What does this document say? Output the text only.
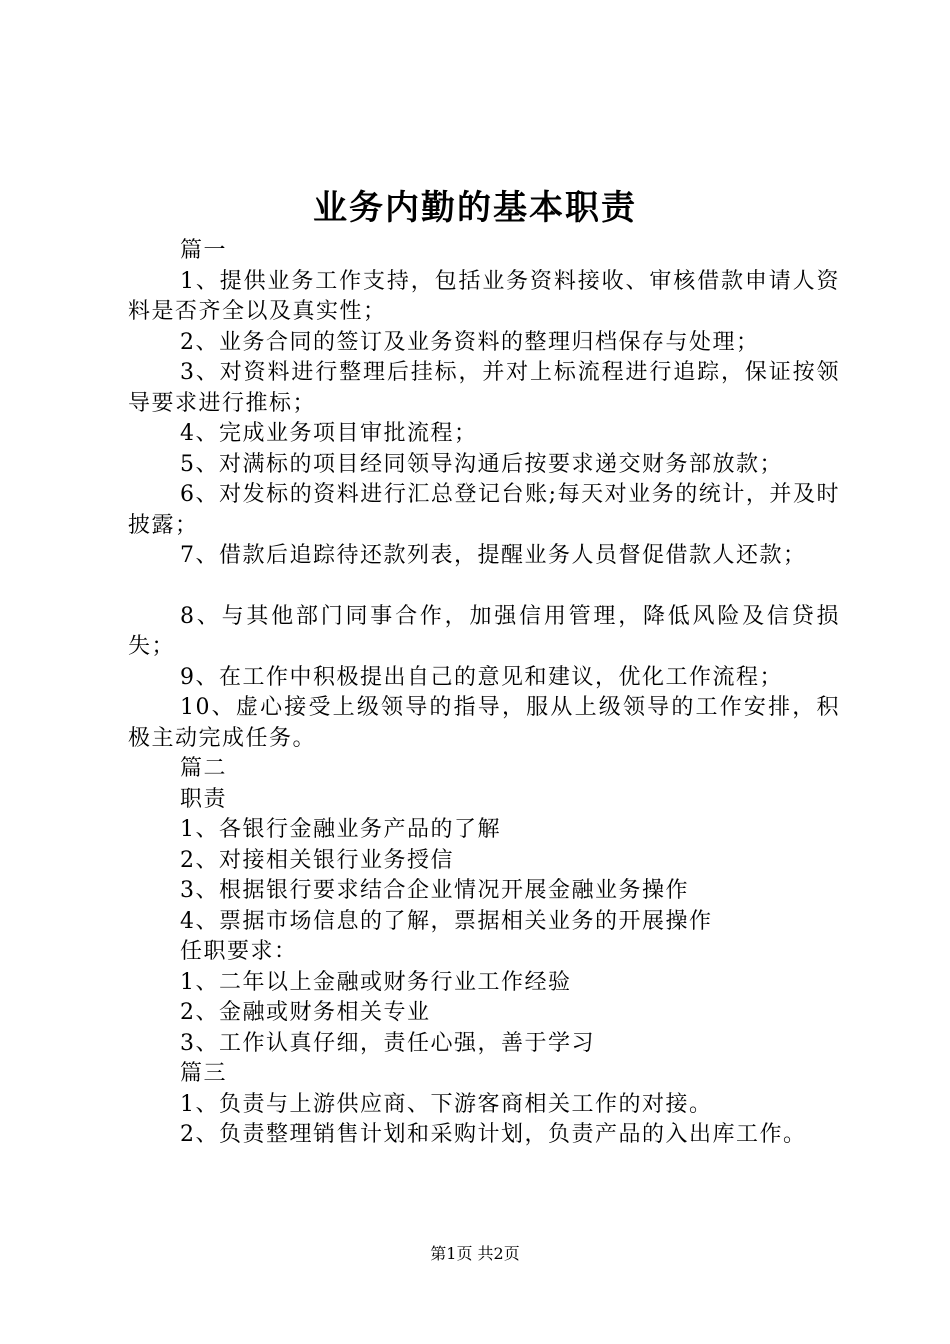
业务内勤的基本职责

篇一

1、提供业务工作支持，包括业务资料接收、审核借款申请人资料是否齐全以及真实性；

2、业务合同的签订及业务资料的整理归档保存与处理；

3、对资料进行整理后挂标，并对上标流程进行追踪，保证按领导要求进行推标；

4、完成业务项目审批流程；

5、对满标的项目经同领导沟通后按要求递交财务部放款；

6、对发标的资料进行汇总登记台账;每天对业务的统计，并及时披露；

7、借款后追踪待还款列表，提醒业务人员督促借款人还款；

8、与其他部门同事合作，加强信用管理，降低风险及信贷损失；

9、在工作中积极提出自己的意见和建议，优化工作流程；

10、虚心接受上级领导的指导，服从上级领导的工作安排，积极主动完成任务。

篇二

职责

1、各银行金融业务产品的了解

2、对接相关银行业务授信

3、根据银行要求结合企业情况开展金融业务操作

4、票据市场信息的了解，票据相关业务的开展操作

任职要求：

1、二年以上金融或财务行业工作经验

2、金融或财务相关专业

3、工作认真仔细，责任心强，善于学习

篇三

1、负责与上游供应商、下游客商相关工作的对接。

2、负责整理销售计划和采购计划，负责产品的入出库工作。

第1页 共2页
